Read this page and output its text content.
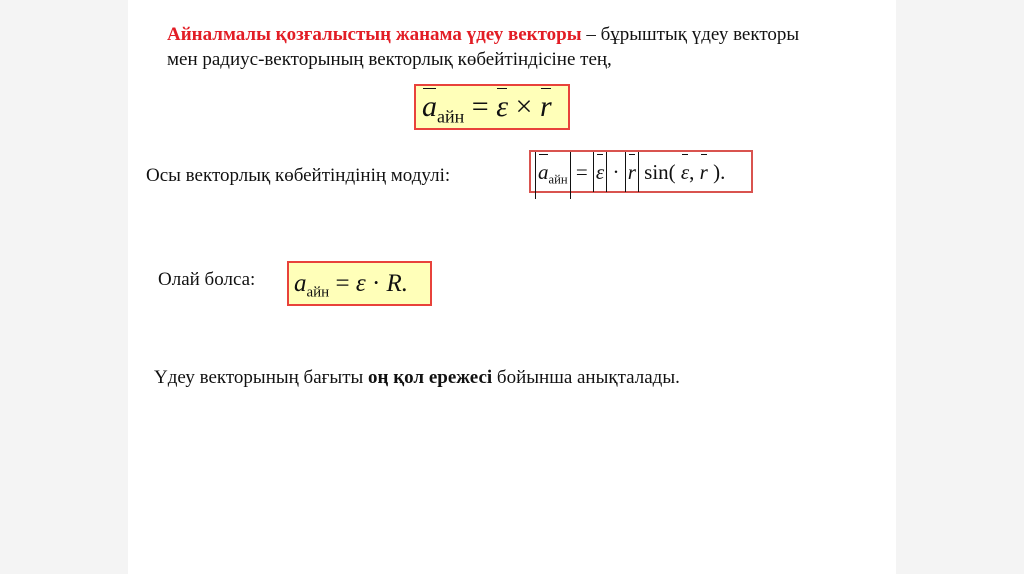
Айналмалы қозғалыстың жанама үдеу векторы – бұрыштық үдеу векторы мен радиус-векторының векторлық көбейтіндісіне тең,
$a_{айн} = \varepsilon \times r$
Осы векторлық көбейтіндінің модулі:	$a_{айн} = \varepsilon \cdot r$ sin( ε, r ).
Олай болса: $a_{айн} = \varepsilon \cdot R$.
Үдеу векторының бағыты оң қол ережесі бойынша анықталады.
